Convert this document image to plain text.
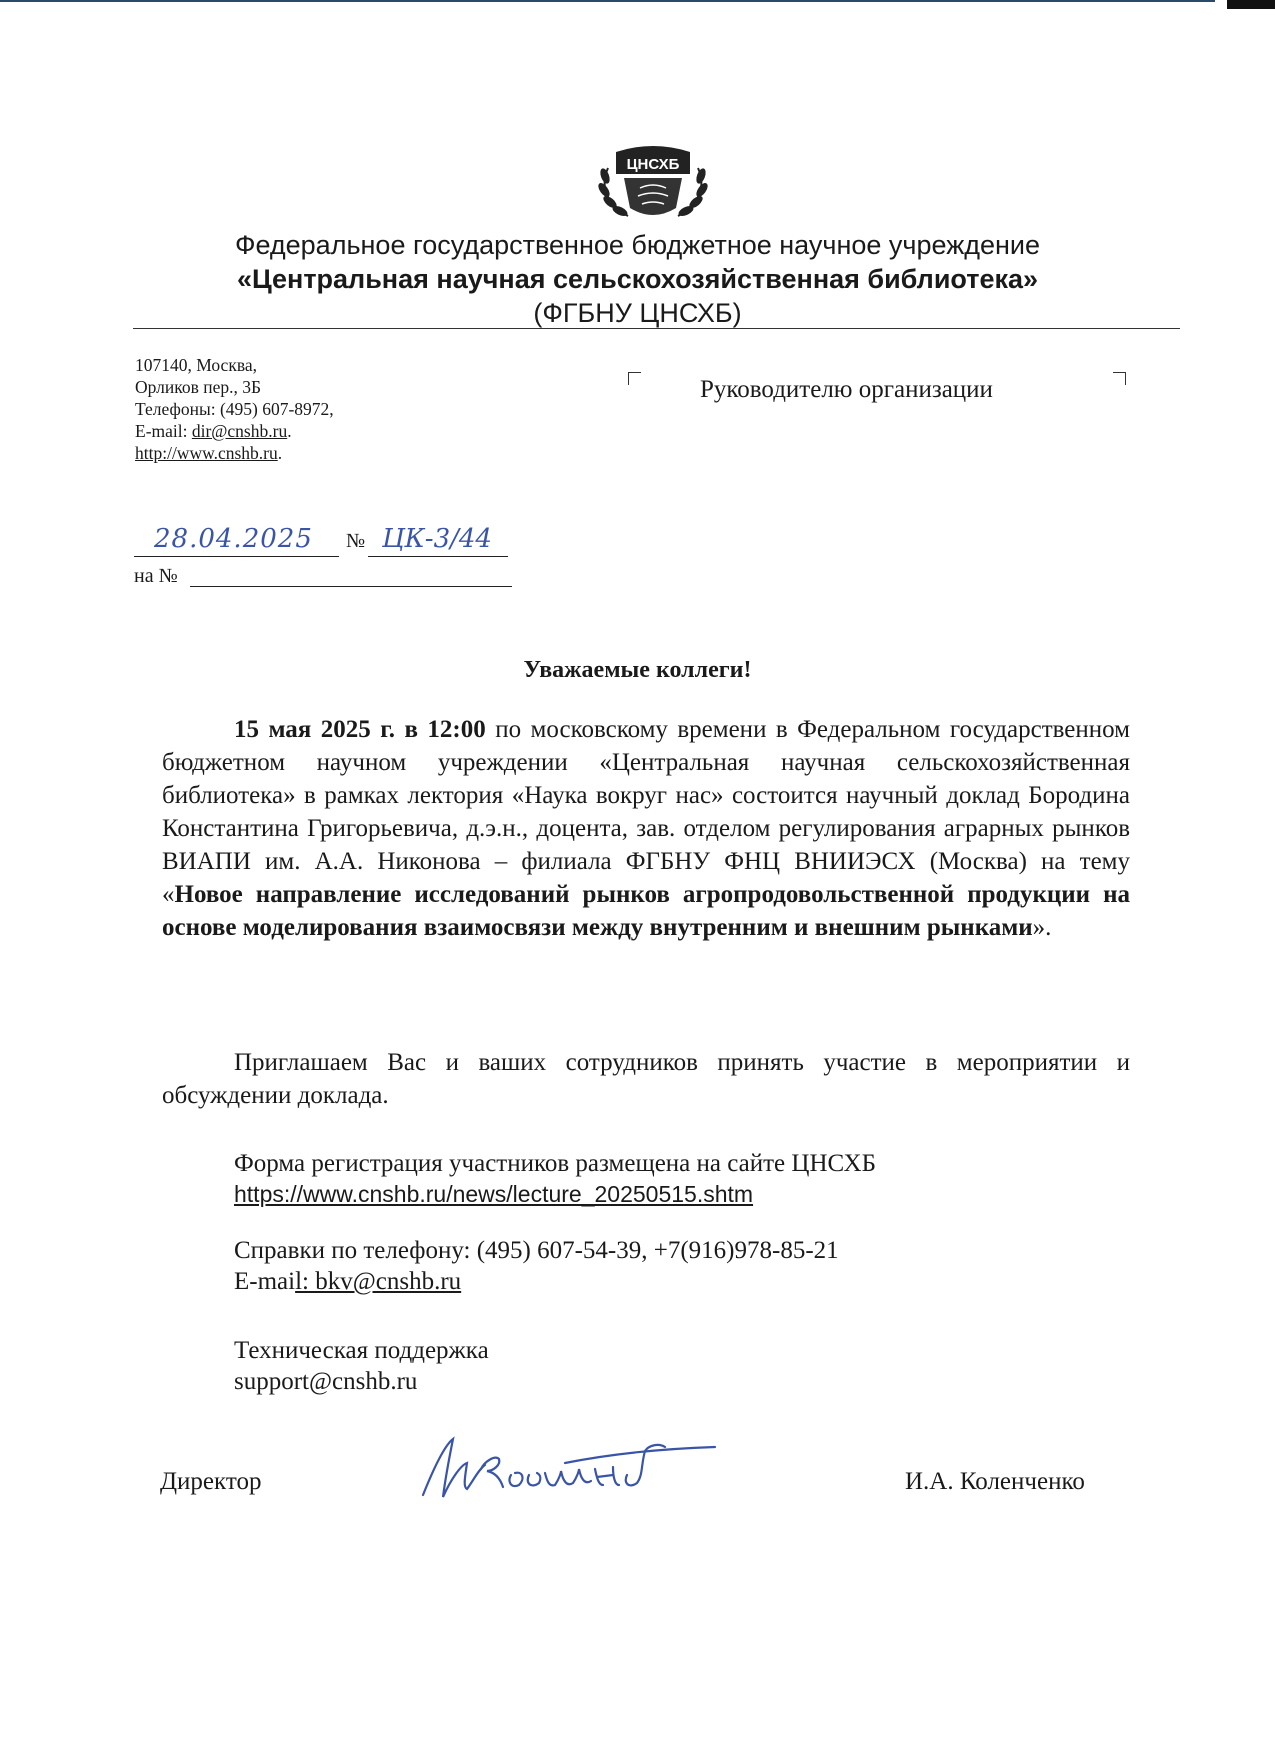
ЦНСХБ
Федеральное государственное бюджетное научное учреждение
«Центральная научная сельскохозяйственная библиотека»
(ФГБНУ ЦНСХБ)
107140, Москва,
Орликов пер., 3Б
Телефоны: (495) 607-8972,
E-mail: dir@cnshb.ru.
http://www.cnshb.ru.
Руководителю организации
28.04.2025 № ЦК-3/44
на №
Уважаемые коллеги!
15 мая 2025 г. в 12:00 по московскому времени в Федеральном государственном бюджетном научном учреждении «Центральная научная сельскохозяйственная библиотека» в рамках лектория «Наука вокруг нас» состоится научный доклад Бородина Константина Григорьевича, д.э.н., доцента, зав. отделом регулирования аграрных рынков ВИАПИ им. А.А. Никонова – филиала ФГБНУ ФНЦ ВНИИЭСХ (Москва) на тему «Новое направление исследований рынков агропродовольственной продукции на основе моделирования взаимосвязи между внутренним и внешним рынками».
Приглашаем Вас и ваших сотрудников принять участие в мероприятии и обсуждении доклада.
Форма регистрация участников размещена на сайте ЦНСХБ
https://www.cnshb.ru/news/lecture_20250515.shtm
Справки по телефону: (495) 607-54-39, +7(916)978-85-21
E-mail: bkv@cnshb.ru
Техническая поддержка
support@cnshb.ru
Директор	И.А. Коленченко
